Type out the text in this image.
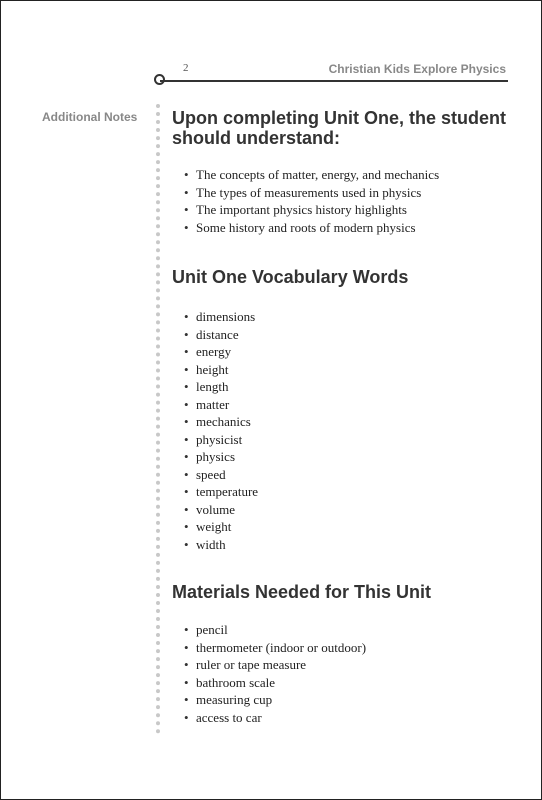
2	Christian Kids Explore Physics
Additional Notes Upon completing Unit One, the student should understand:
• The concepts of matter, energy, and mechanics
• The types of measurements used in physics
• The important physics history highlights
• Some history and roots of modern physics
Unit One Vocabulary Words
• dimensions
• distance
• energy
• height
• length
• matter
• mechanics
• physicist
• physics
• speed
• temperature
• volume
• weight
• width
Materials Needed for This Unit
• pencil
• thermometer (indoor or outdoor)
• ruler or tape measure
• bathroom scale
• measuring cup
• access to car
